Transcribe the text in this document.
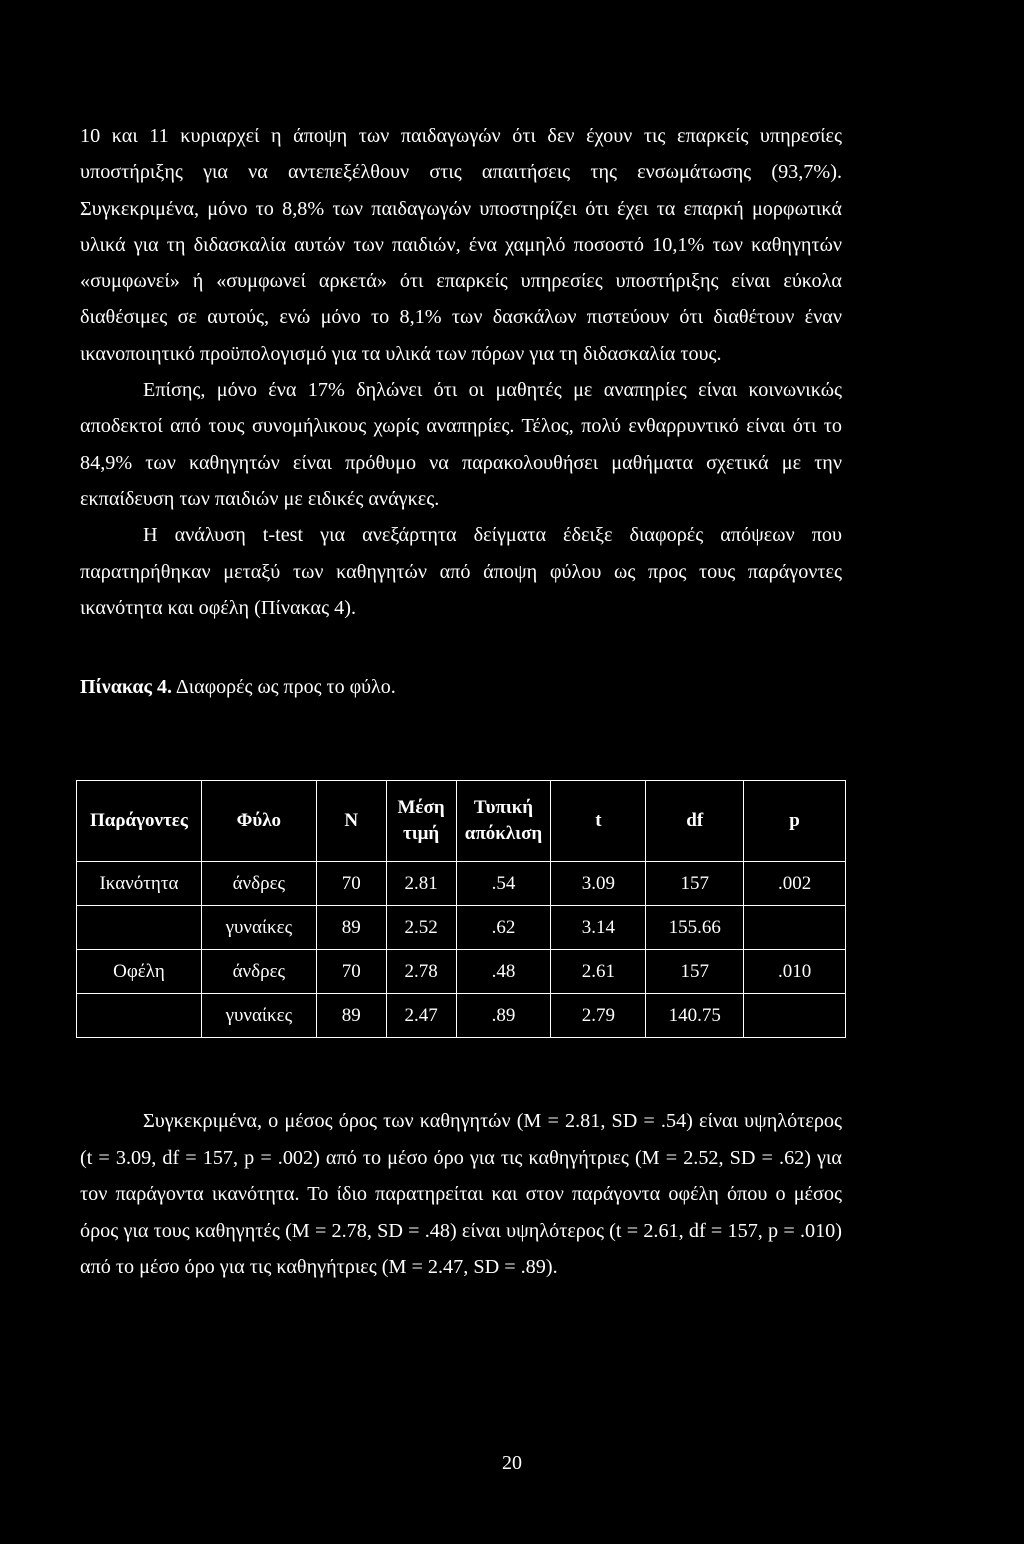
10 και 11 κυριαρχεί η άποψη των παιδαγωγών ότι δεν έχουν τις επαρκείς υπηρεσίες υποστήριξης για να αντεπεξέλθουν στις απαιτήσεις της ενσωμάτωσης (93,7%). Συγκεκριμένα, μόνο το 8,8% των παιδαγωγών υποστηρίζει ότι έχει τα επαρκή μορφωτικά υλικά για τη διδασκαλία αυτών των παιδιών, ένα χαμηλό ποσοστό 10,1% των καθηγητών «συμφωνεί» ή «συμφωνεί αρκετά» ότι επαρκείς υπηρεσίες υποστήριξης είναι εύκολα διαθέσιμες σε αυτούς, ενώ μόνο το 8,1% των δασκάλων πιστεύουν ότι διαθέτουν έναν ικανοποιητικό προϋπολογισμό για τα υλικά των πόρων για τη διδασκαλία τους.

Επίσης, μόνο ένα 17% δηλώνει ότι οι μαθητές με αναπηρίες είναι κοινωνικώς αποδεκτοί από τους συνομήλικους χωρίς αναπηρίες. Τέλος, πολύ ενθαρρυντικό είναι ότι το 84,9% των καθηγητών είναι πρόθυμο να παρακολουθήσει μαθήματα σχετικά με την εκπαίδευση των παιδιών με ειδικές ανάγκες.

Η ανάλυση t-test για ανεξάρτητα δείγματα έδειξε διαφορές απόψεων που παρατηρήθηκαν μεταξύ των καθηγητών από άποψη φύλου ως προς τους παράγοντες ικανότητα και οφέλη (Πίνακας 4).

Πίνακας 4. Διαφορές ως προς το φύλο.

Παράγοντες	Φύλο	N	Μέση τιμή	Τυπική απόκλιση	t	df	p
Ικανότητα	άνδρες	70	2.81	.54	3.09	157	.002
	γυναίκες	89	2.52	.62	3.14	155.66	
Οφέλη	άνδρες	70	2.78	.48	2.61	157	.010
	γυναίκες	89	2.47	.89	2.79	140.75	

Συγκεκριμένα, ο μέσος όρος των καθηγητών (M = 2.81, SD = .54) είναι υψηλότερος (t = 3.09, df = 157, p = .002) από το μέσο όρο για τις καθηγήτριες (M = 2.52, SD = .62) για τον παράγοντα ικανότητα. Το ίδιο παρατηρείται και στον παράγοντα οφέλη όπου ο μέσος όρος για τους καθηγητές (M = 2.78, SD = .48) είναι υψηλότερος (t = 2.61, df = 157, p = .010) από το μέσο όρο για τις καθηγήτριες (M = 2.47, SD = .89).

20
